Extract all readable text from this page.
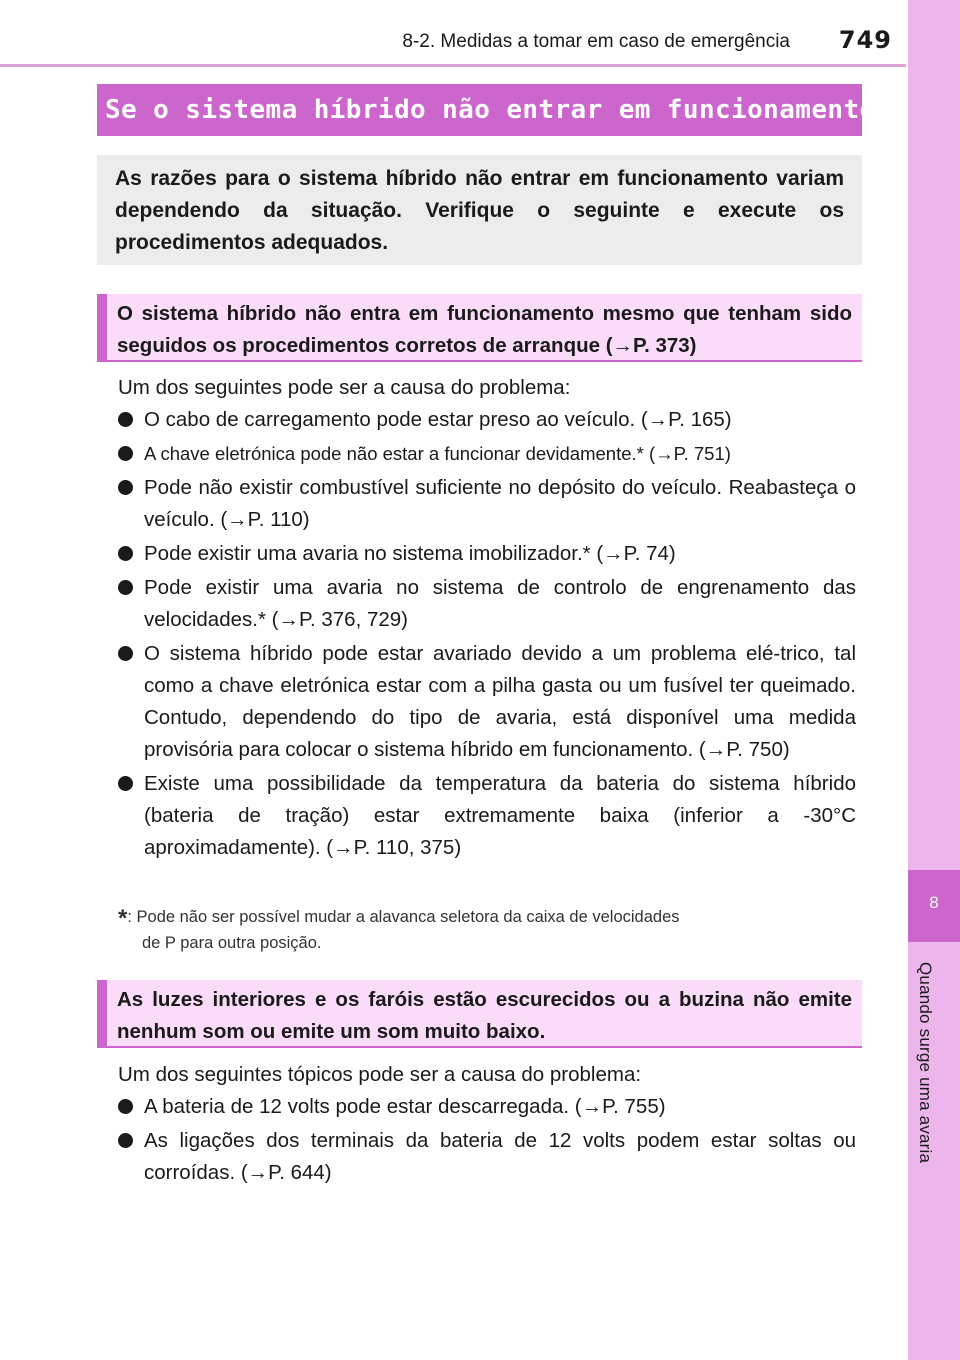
8-2. Medidas a tomar em caso de emergência 749
8
Quando surge uma avaria
Se o sistema híbrido não entrar em funcionamento
As razões para o sistema híbrido não entrar em funcionamento variam dependendo da situação. Verifique o seguinte e execute os procedimentos adequados.
O sistema híbrido não entra em funcionamento mesmo que tenham sido seguidos os procedimentos corretos de arranque (→P. 373)
Um dos seguintes pode ser a causa do problema:
O cabo de carregamento pode estar preso ao veículo. (→P. 165)
A chave eletrónica pode não estar a funcionar devidamente.* (→P. 751)
Pode não existir combustível suficiente no depósito do veículo. Reabasteça o veículo. (→P. 110)
Pode existir uma avaria no sistema imobilizador.* (→P. 74)
Pode existir uma avaria no sistema de controlo de engrenamento das velocidades.* (→P. 376, 729)
O sistema híbrido pode estar avariado devido a um problema elé-trico, tal como a chave eletrónica estar com a pilha gasta ou um fusível ter queimado. Contudo, dependendo do tipo de avaria, está disponível uma medida provisória para colocar o sistema híbrido em funcionamento. (→P. 750)
Existe uma possibilidade da temperatura da bateria do sistema híbrido (bateria de tração) estar extremamente baixa (inferior a -30°C aproximadamente). (→P. 110, 375)
*: Pode não ser possível mudar a alavanca seletora da caixa de velocidades
de P para outra posição.
As luzes interiores e os faróis estão escurecidos ou a buzina não emite nenhum som ou emite um som muito baixo.
Um dos seguintes tópicos pode ser a causa do problema:
A bateria de 12 volts pode estar descarregada. (→P. 755)
As ligações dos terminais da bateria de 12 volts podem estar soltas ou corroídas. (→P. 644)
